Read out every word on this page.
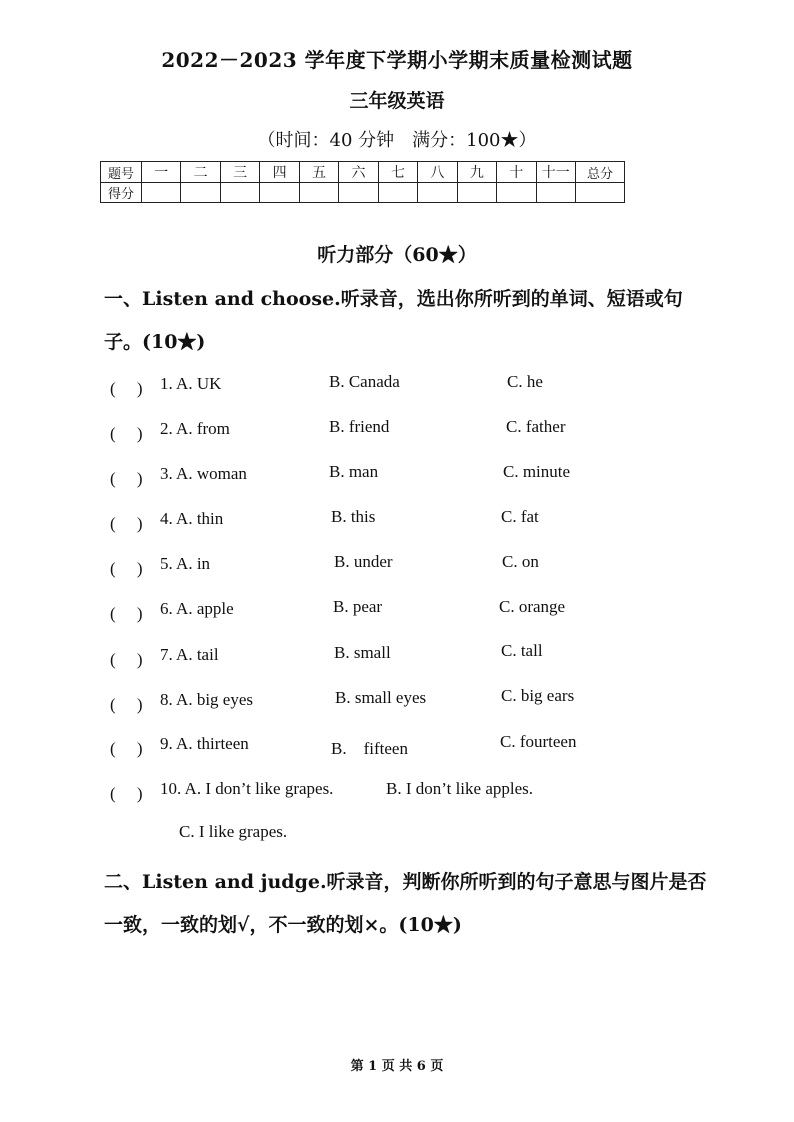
2022－2023 学年度下学期小学期末质量检测试题
三年级英语
（时间：40 分钟　满分：100★）
题号	一	二	三	四	五	六	七	八	九	十	十一	总分
得分												
听力部分（60★）
一、Listen and choose.听录音，选出你所听到的单词、短语或句
子。(10★)
(　 ) 1. A. UK	B. Canada	C. he
(　 ) 2. A. from	B. friend	C. father
(　 ) 3. A. woman	B. man	C. minute
(　 ) 4. A. thin	B. this	C. fat
(　 ) 5. A. in	B. under	C. on
(　 ) 6. A. apple	B. pear	C. orange
(　 ) 7. A. tail	B. small	C. tall
(　 ) 8. A. big eyes	B. small eyes	C. big ears
(　 ) 9. A. thirteen	B.　fifteen	C. fourteen
(　 ) 10. A. I don’t like grapes.	B. I don’t like apples.
C. I like grapes.
二、Listen and judge.听录音，判断你所听到的句子意思与图片是否
一致，一致的划√，不一致的划×。(10★)
第 1 页 共 6 页
